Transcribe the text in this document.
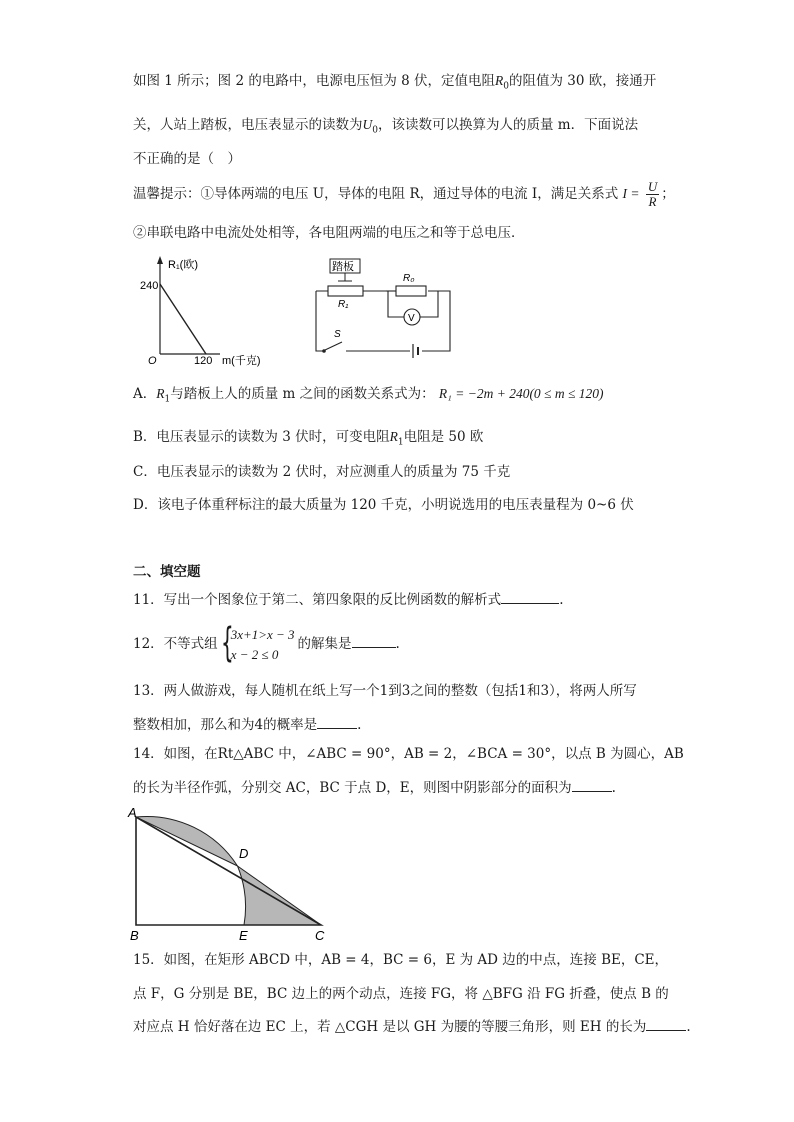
如图 1 所示；图 2 的电路中，电源电压恒为 8 伏，定值电阻$R_0$的阻值为 30 欧，接通开
关，人站上踏板，电压表显示的读数为$U_0$，该读数可以换算为人的质量 m．下面说法
不正确的是（　）
温馨提示：①导体两端的电压 U，导体的电阻 R，通过导体的电流 I，满足关系式 $I = \frac{U}{R}$ ；
②串联电路中电流处处相等，各电阻两端的电压之和等于总电压．
R₁(欧)
240
O	120 m(千克)
踏板
R₁
R₀
V
S
A．$R_1$与踏板上人的质量 m 之间的函数关系式为： R₁ = −2m + 240(0 ≤ m ≤ 120)
B．电压表显示的读数为 3 伏时，可变电阻$R_1$电阻是 50 欧
C．电压表显示的读数为 2 伏时，对应测重人的质量为 75 千克
D．该电子体重秤标注的最大质量为 120 千克，小明说选用的电压表量程为 0~6 伏
二、填空题
11．写出一个图象位于第二、第四象限的反比例函数的解析式	.
12．不等式组 {
3x+1>x − 3
x − 2 ≤ 0
的解集是	.
13．两人做游戏，每人随机在纸上写一个1到3之间的整数（包括1和3），将两人所写
整数相加，那么和为4的概率是	.
14．如图，在Rt△ABC 中，∠ABC = 90°，AB = 2，∠BCA = 30°，以点 B 为圆心，AB
的长为半径作弧，分别交 AC，BC 于点 D，E，则图中阴影部分的面积为	.
A
B	C
D
E
15．如图，在矩形 ABCD 中，AB = 4，BC = 6，E 为 AD 边的中点，连接 BE，CE，
点 F，G 分别是 BE，BC 边上的两个动点，连接 FG，将 △BFG 沿 FG 折叠，使点 B 的
对应点 H 恰好落在边 EC 上，若 △CGH 是以 GH 为腰的等腰三角形，则 EH 的长为	.
